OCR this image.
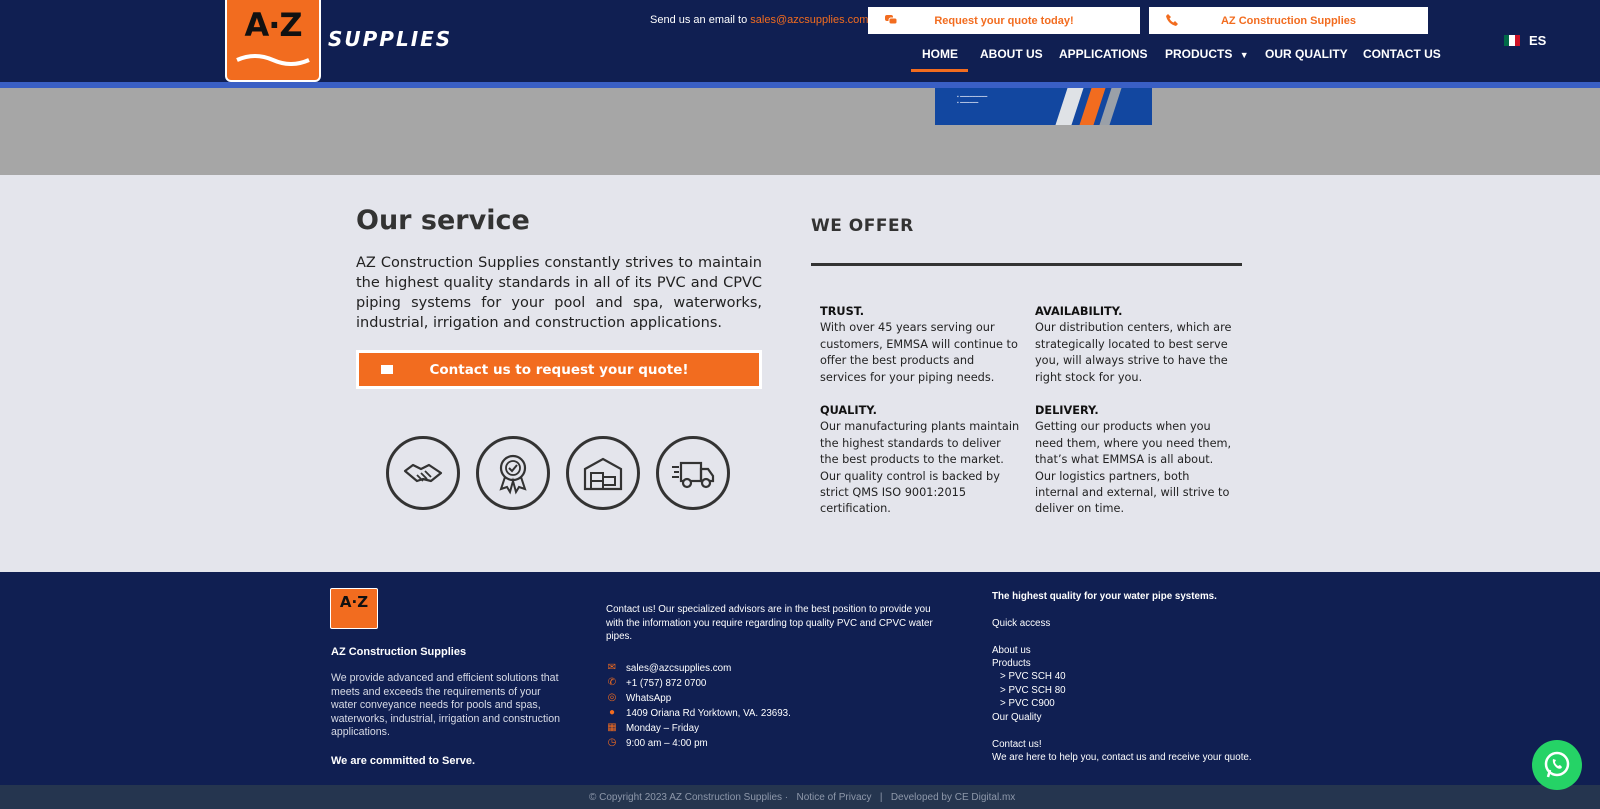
A·Z	SUPPLIES
Send us an email to sales@azcsupplies.com	Request your quote today!	AZ Construction Supplies
HOME ABOUT US APPLICATIONS PRODUCTS ▼ OUR QUALITY CONTACT US
ES
▪ ━━━━━━━━━
▪ ━━━━━━
Our service
AZ Construction Supplies constantly strives to maintain the highest quality standards in all of its PVC and CPVC piping systems for your pool and spa, waterworks, industrial, irrigation and construction applications.
Contact us to request your quote!
WE OFFER
TRUST.
With over 45 years serving our customers, EMMSA will continue to offer the best products and services for your piping needs.
AVAILABILITY.
Our distribution centers, which are strategically located to best serve you, will always strive to have the right stock for you.
QUALITY.
Our manufacturing plants maintain the highest standards to deliver the best products to the market. Our quality control is backed by strict QMS ISO 9001:2015 certification.
DELIVERY.
Getting our products when you need them, where you need them, that’s what EMMSA is all about. Our logistics partners, both internal and external, will strive to deliver on time.
A·Z
AZ Construction Supplies
We provide advanced and efficient solutions that meets and exceeds the requirements of your water conveyance needs for pools and spas, waterworks, industrial, irrigation and construction applications.
We are committed to Serve.
Contact us! Our specialized advisors are in the best position to provide you with the information you require regarding top quality PVC and CPVC water pipes.
✉ sales@azcsupplies.com
✆ +1 (757) 872 0700
◎ WhatsApp
●	1409 Oriana Rd Yorktown, VA. 23693.
▦ Monday – Friday
◷ 9:00 am – 4:00 pm
The highest quality for your water pipe systems.
Quick access
About us
Products
> PVC SCH 40
> PVC SCH 80
> PVC C900
Our Quality
Contact us!
We are here to help you, contact us and receive your quote.
© Copyright 2023 AZ Construction Supplies · Notice of Privacy | Developed by CE Digital.mx
